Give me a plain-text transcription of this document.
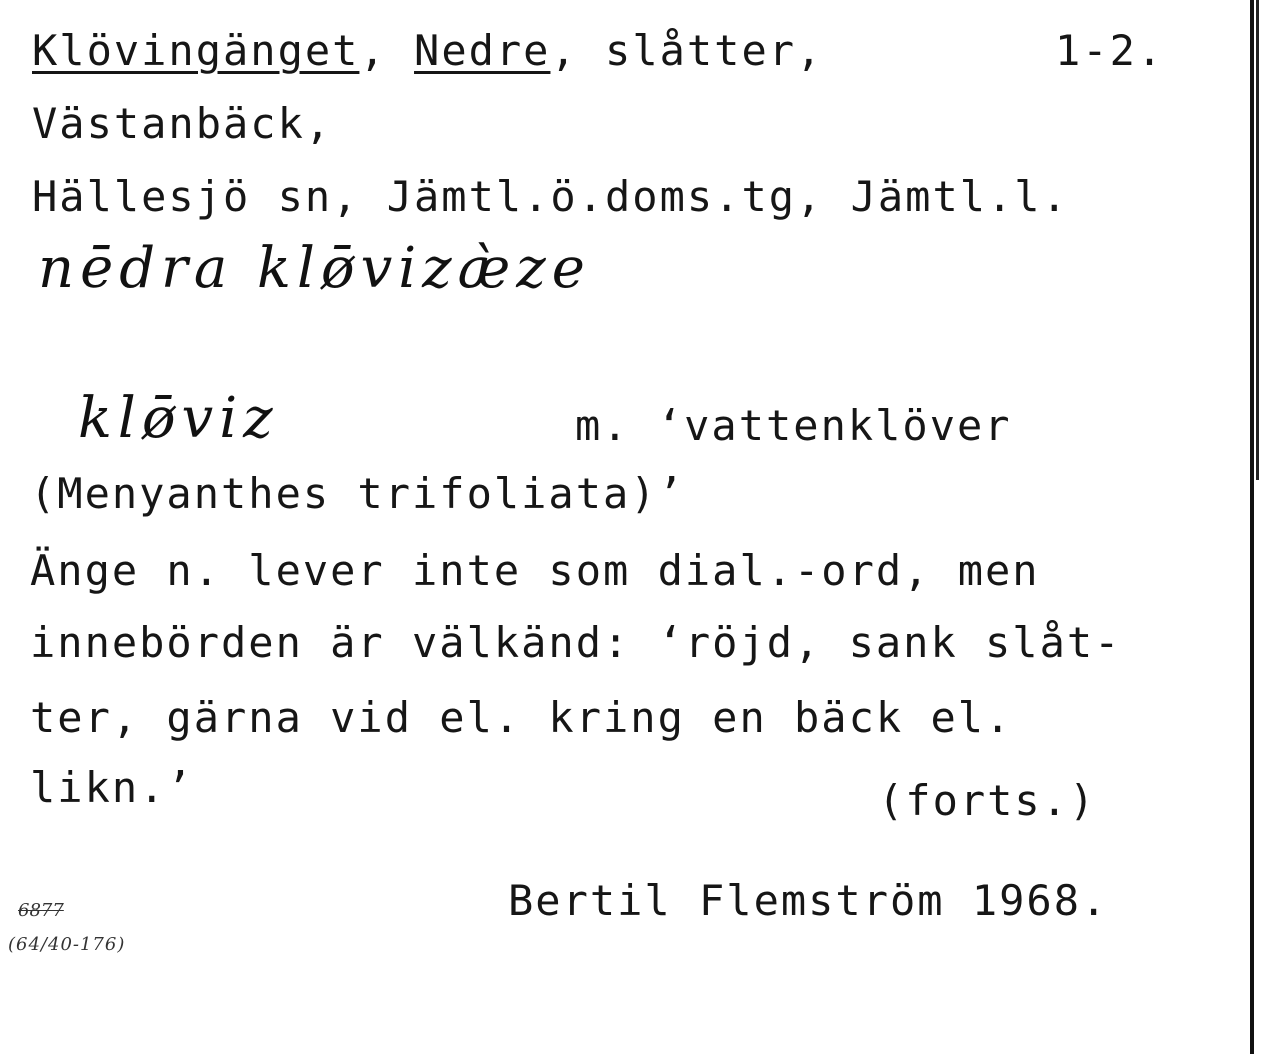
Klövingänget, Nedre, slåtter,	1-2.
Västanbäck,
Hällesjö sn, Jämtl.ö.doms.tg, Jämtl.l.
nēdra klø̄vizæ̀ze
klø̄viz	m. ‘vattenklöver
(Menyanthes trifoliata)’
Änge n. lever inte som dial.-ord, men
innebörden är välkänd: ‘röjd, sank slåt-
ter, gärna vid el. kring en bäck el.
likn.’	(forts.)
Bertil Flemström 1968.
6877
(64/40-176)
